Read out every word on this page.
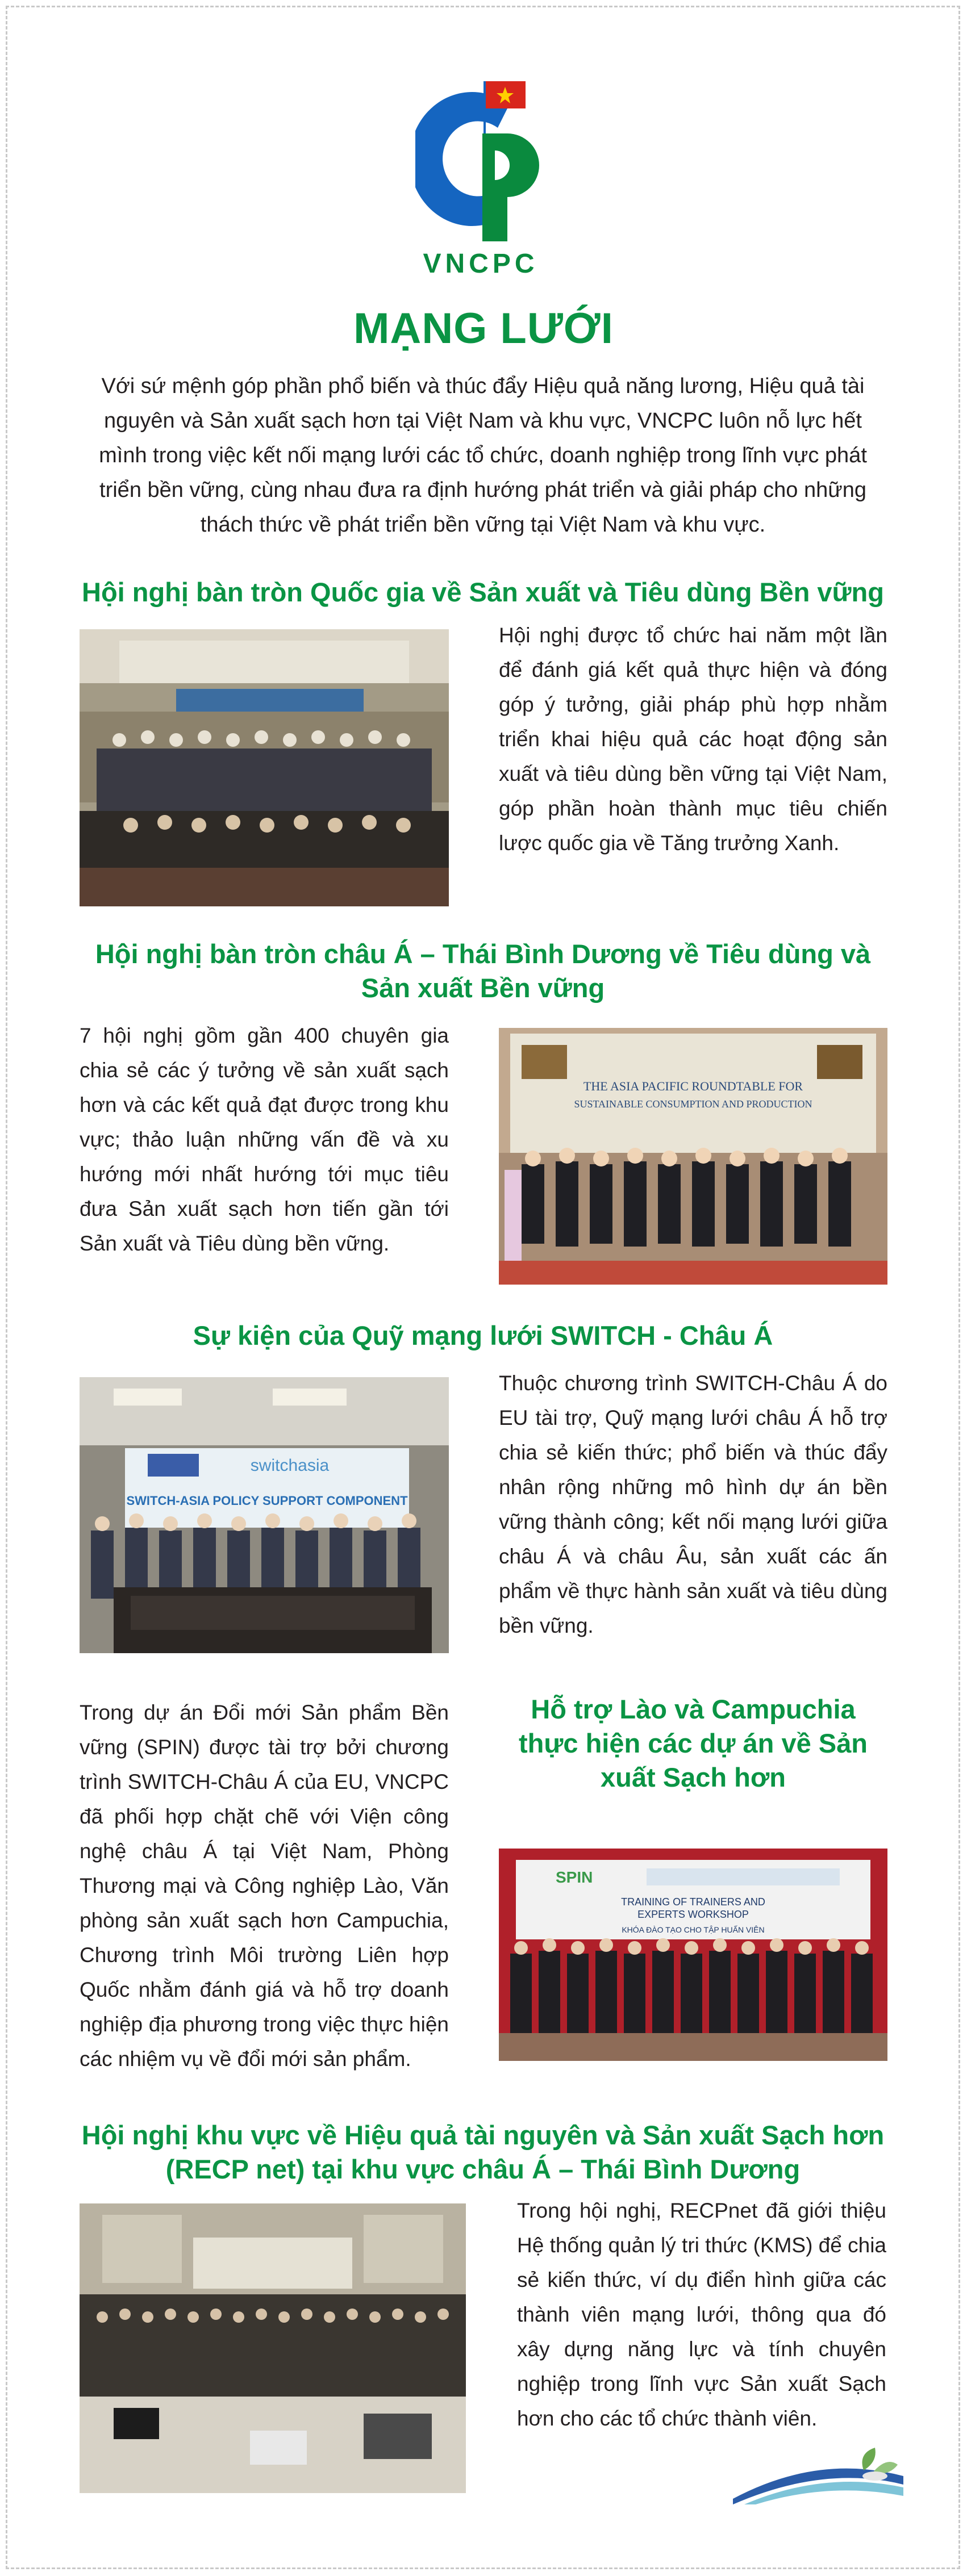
VNCPC
MẠNG LƯỚI
Với sứ mệnh góp phần phổ biến và thúc đẩy Hiệu quả năng lương, Hiệu quả tài nguyên và Sản xuất sạch hơn tại Việt Nam và khu vực, VNCPC luôn nỗ lực hết mình trong việc kết nối mạng lưới các tổ chức, doanh nghiệp trong lĩnh vực phát triển bền vững, cùng nhau đưa ra định hướng phát triển và giải pháp cho những thách thức về phát triển bền vững tại Việt Nam và khu vực.
Hội nghị bàn tròn Quốc gia về Sản xuất và Tiêu dùng Bền vững
Hội nghị được tổ chức hai năm một lần để đánh giá kết quả thực hiện và đóng góp ý tưởng, giải pháp phù hợp nhằm triển khai hiệu quả các hoạt động sản xuất và tiêu dùng bền vững tại Việt Nam, góp phần hoàn thành mục tiêu chiến lược quốc gia về Tăng trưởng Xanh.
Hội nghị bàn tròn châu Á – Thái Bình Dương về Tiêu dùng và Sản xuất Bền vững
7 hội nghị gồm gần 400 chuyên gia chia sẻ các ý tưởng về sản xuất sạch hơn và các kết quả đạt được trong khu vực; thảo luận những vấn đề và xu hướng mới nhất hướng tới mục tiêu đưa Sản xuất sạch hơn tiến gần tới Sản xuất và Tiêu dùng bền vững.
THE ASIA PACIFIC ROUNDTABLE FOR
SUSTAINABLE CONSUMPTION AND PRODUCTION
Sự kiện của Quỹ mạng lưới SWITCH - Châu Á
switchasia
SWITCH-ASIA POLICY SUPPORT COMPONENT
Thuộc chương trình SWITCH-Châu Á do EU tài trợ, Quỹ mạng lưới châu Á hỗ trợ chia sẻ kiến thức; phổ biến và thúc đẩy nhân rộng những mô hình dự án bền vững thành công; kết nối mạng lưới giữa châu Á và châu Âu, sản xuất các ấn phẩm về thực hành sản xuất và tiêu dùng bền vững.
Trong dự án Đổi mới Sản phẩm Bền vững (SPIN) được tài trợ bởi chương trình SWITCH-Châu Á của EU, VNCPC đã phối hợp chặt chẽ với Viện công nghệ châu Á tại Việt Nam, Phòng Thương mại và Công nghiệp Lào, Văn phòng sản xuất sạch hơn Campuchia, Chương trình Môi trường Liên hợp Quốc nhằm đánh giá và hỗ trợ doanh nghiệp địa phương trong việc thực hiện các nhiệm vụ về đổi mới sản phẩm.
Hỗ trợ Lào và Campuchia thực hiện các dự án về Sản xuất Sạch hơn
SPIN
TRAINING OF TRAINERS AND
EXPERTS WORKSHOP
KHÓA ĐÀO TẠO CHO TẬP HUẤN VIÊN
Hội nghị khu vực về Hiệu quả tài nguyên và Sản xuất Sạch hơn (RECP net) tại khu vực châu Á – Thái Bình Dương
Trong hội nghị, RECPnet đã giới thiệu Hệ thống quản lý tri thức (KMS) để chia sẻ kiến thức, ví dụ điển hình giữa các thành viên mạng lưới, thông qua đó xây dựng năng lực và tính chuyên nghiệp trong lĩnh vực Sản xuất Sạch hơn cho các tổ chức thành viên.
